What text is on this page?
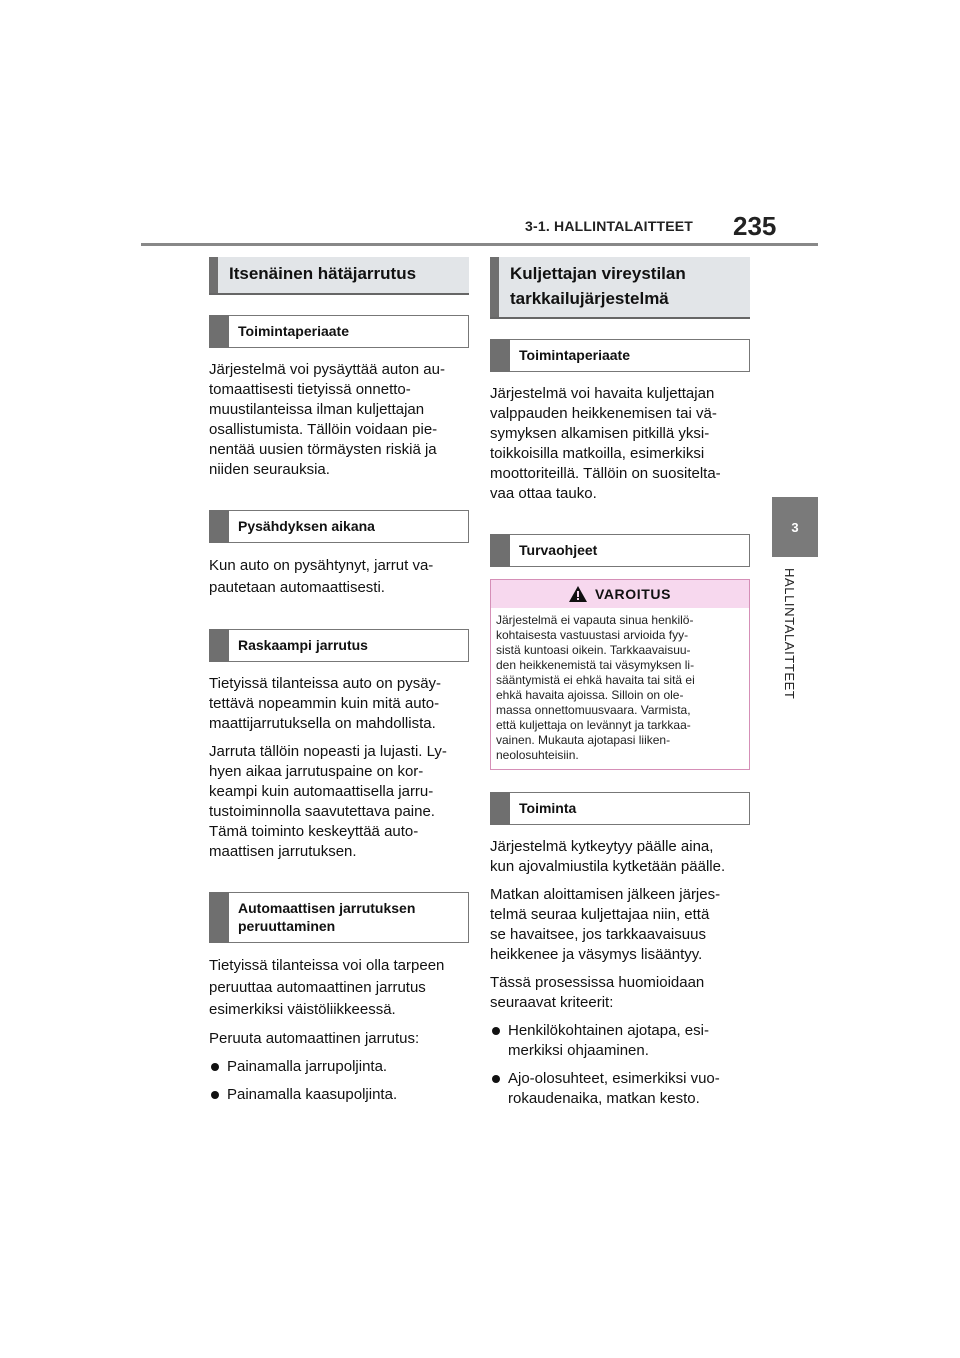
3-1. HALLINTALAITTEET 235
3
HALLINTALAITTEET
Itsenäinen hätäjarrutus
Toimintaperiaate
Järjestelmä voi pysäyttää auton au-
tomaattisesti tietyissä onnetto-
muustilanteissa ilman kuljettajan
osallistumista. Tällöin voidaan pie-
nentää uusien törmäysten riskiä ja
niiden seurauksia.
Pysähdyksen aikana
Kun auto on pysähtynyt, jarrut va-
pautetaan automaattisesti.
Raskaampi jarrutus
Tietyissä tilanteissa auto on pysäy-
tettävä nopeammin kuin mitä auto-
maattijarrutuksella on mahdollista.
Jarruta tällöin nopeasti ja lujasti. Ly-
hyen aikaa jarrutuspaine on kor-
keampi kuin automaattisella jarru-
tustoiminnolla saavutettava paine.
Tämä toiminto keskeyttää auto-
maattisen jarrutuksen.
Automaattisen jarrutuksen
peruuttaminen
Tietyissä tilanteissa voi olla tarpeen
peruuttaa automaattinen jarrutus
esimerkiksi väistöliikkeessä.
Peruuta automaattinen jarrutus:
Painamalla jarrupoljinta.
Painamalla kaasupoljinta.
Kuljettajan vireystilan
tarkkailujärjestelmä
Toimintaperiaate
Järjestelmä voi havaita kuljettajan
valppauden heikkenemisen tai vä-
symyksen alkamisen pitkillä yksi-
toikkoisilla matkoilla, esimerkiksi
moottoriteillä. Tällöin on suositelta-
vaa ottaa tauko.
Turvaohjeet
VAROITUS
Järjestelmä ei vapauta sinua henkilö-
kohtaisesta vastuustasi arvioida fyy-
sistä kuntoasi oikein. Tarkkaavaisuu-
den heikkenemistä tai väsymyksen li-
sääntymistä ei ehkä havaita tai sitä ei
ehkä havaita ajoissa. Silloin on ole-
massa onnettomuusvaara. Varmista,
että kuljettaja on levännyt ja tarkkaa-
vainen. Mukauta ajotapasi liiken-
neolosuhteisiin.
Toiminta
Järjestelmä kytkeytyy päälle aina,
kun ajovalmiustila kytketään päälle.
Matkan aloittamisen jälkeen järjes-
telmä seuraa kuljettajaa niin, että
se havaitsee, jos tarkkaavaisuus
heikkenee ja väsymys lisääntyy.
Tässä prosessissa huomioidaan
seuraavat kriteerit:
Henkilökohtainen ajotapa, esi-
merkiksi ohjaaminen.
Ajo-olosuhteet, esimerkiksi vuo-
rokaudenaika, matkan kesto.
